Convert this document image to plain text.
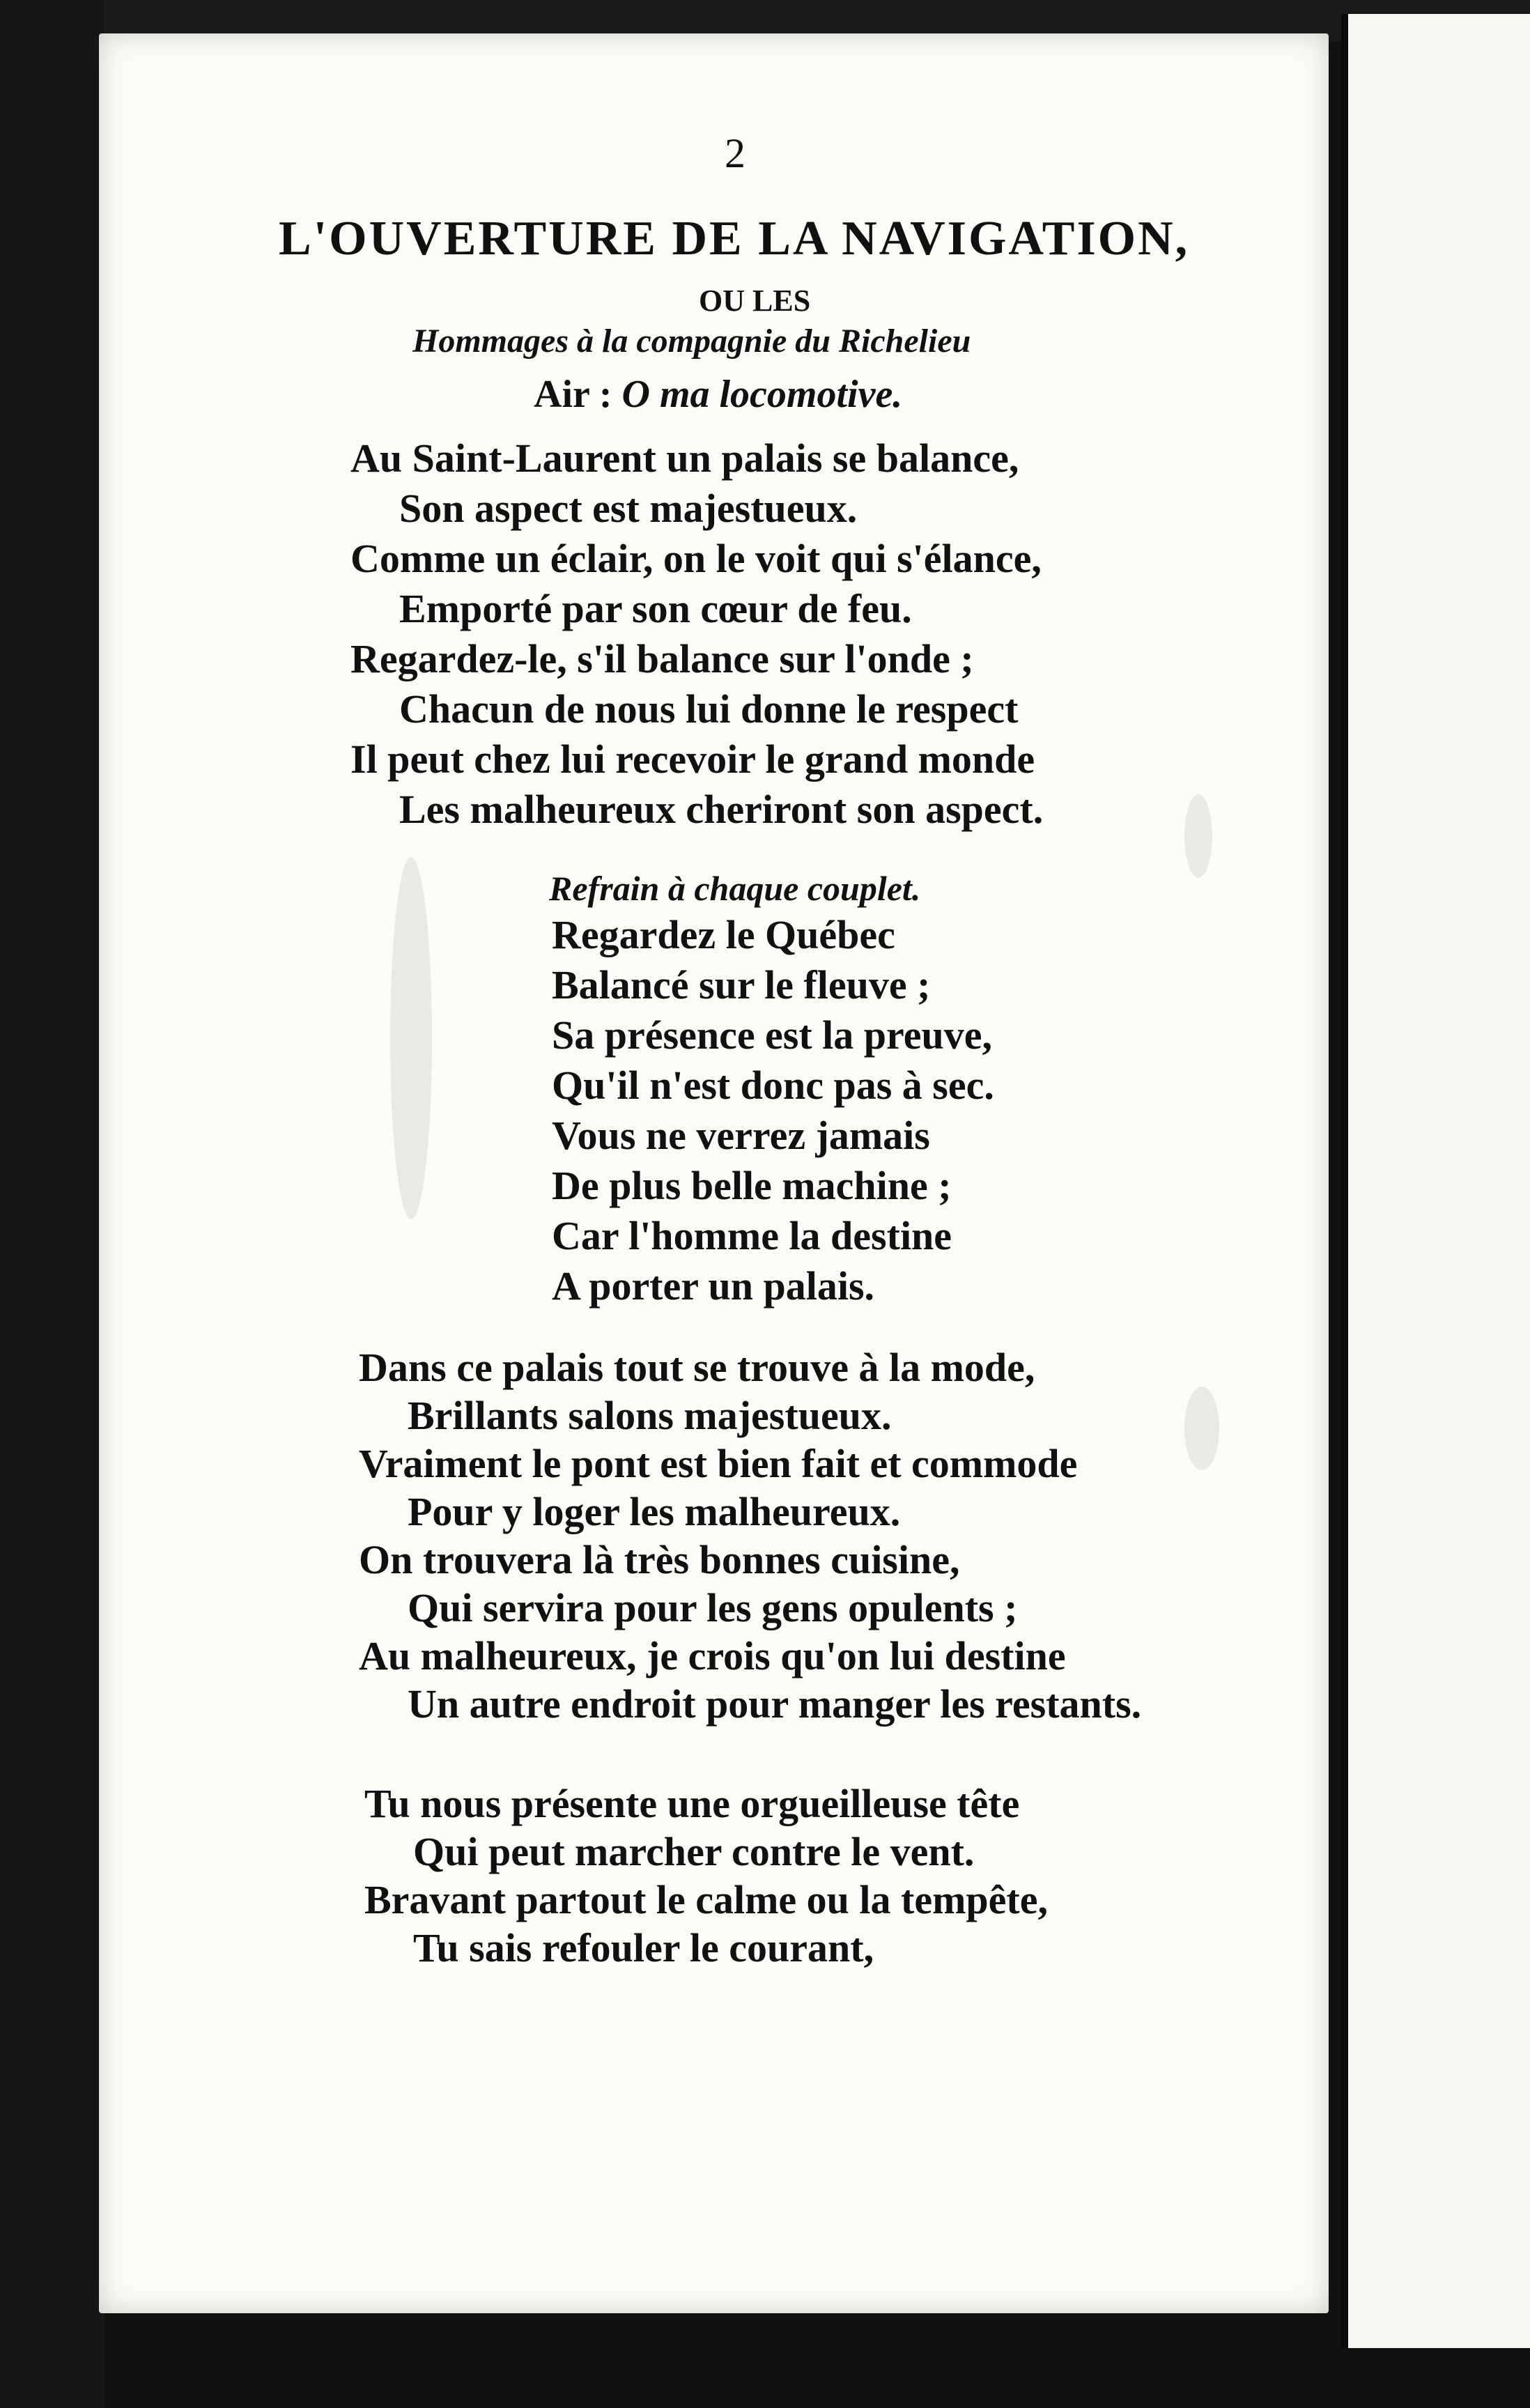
2

L'OUVERTURE DE LA NAVIGATION,

OU LES

Hommages à la compagnie du Richelieu

Air : O ma locomotive.

Au Saint-Laurent un palais se balance,
Son aspect est majestueux.
Comme un éclair, on le voit qui s'élance,
Emporté par son cœur de feu.
Regardez-le, s'il balance sur l'onde ;
Chacun de nous lui donne le respect
Il peut chez lui recevoir le grand monde
Les malheureux cheriront son aspect.

Refrain à chaque couplet.

Regardez le Québec
Balancé sur le fleuve ;
Sa présence est la preuve,
Qu'il n'est donc pas à sec.
Vous ne verrez jamais
De plus belle machine ;
Car l'homme la destine
A porter un palais.
Dans ce palais tout se trouve à la mode,
Brillants salons majestueux.
Vraiment le pont est bien fait et commode
Pour y loger les malheureux.
On trouvera là très bonnes cuisine,
Qui servira pour les gens opulents ;
Au malheureux, je crois qu'on lui destine
Un autre endroit pour manger les restants.
Tu nous présente une orgueilleuse tête
Qui peut marcher contre le vent.
Bravant partout le calme ou la tempête,
Tu sais refouler le courant,
